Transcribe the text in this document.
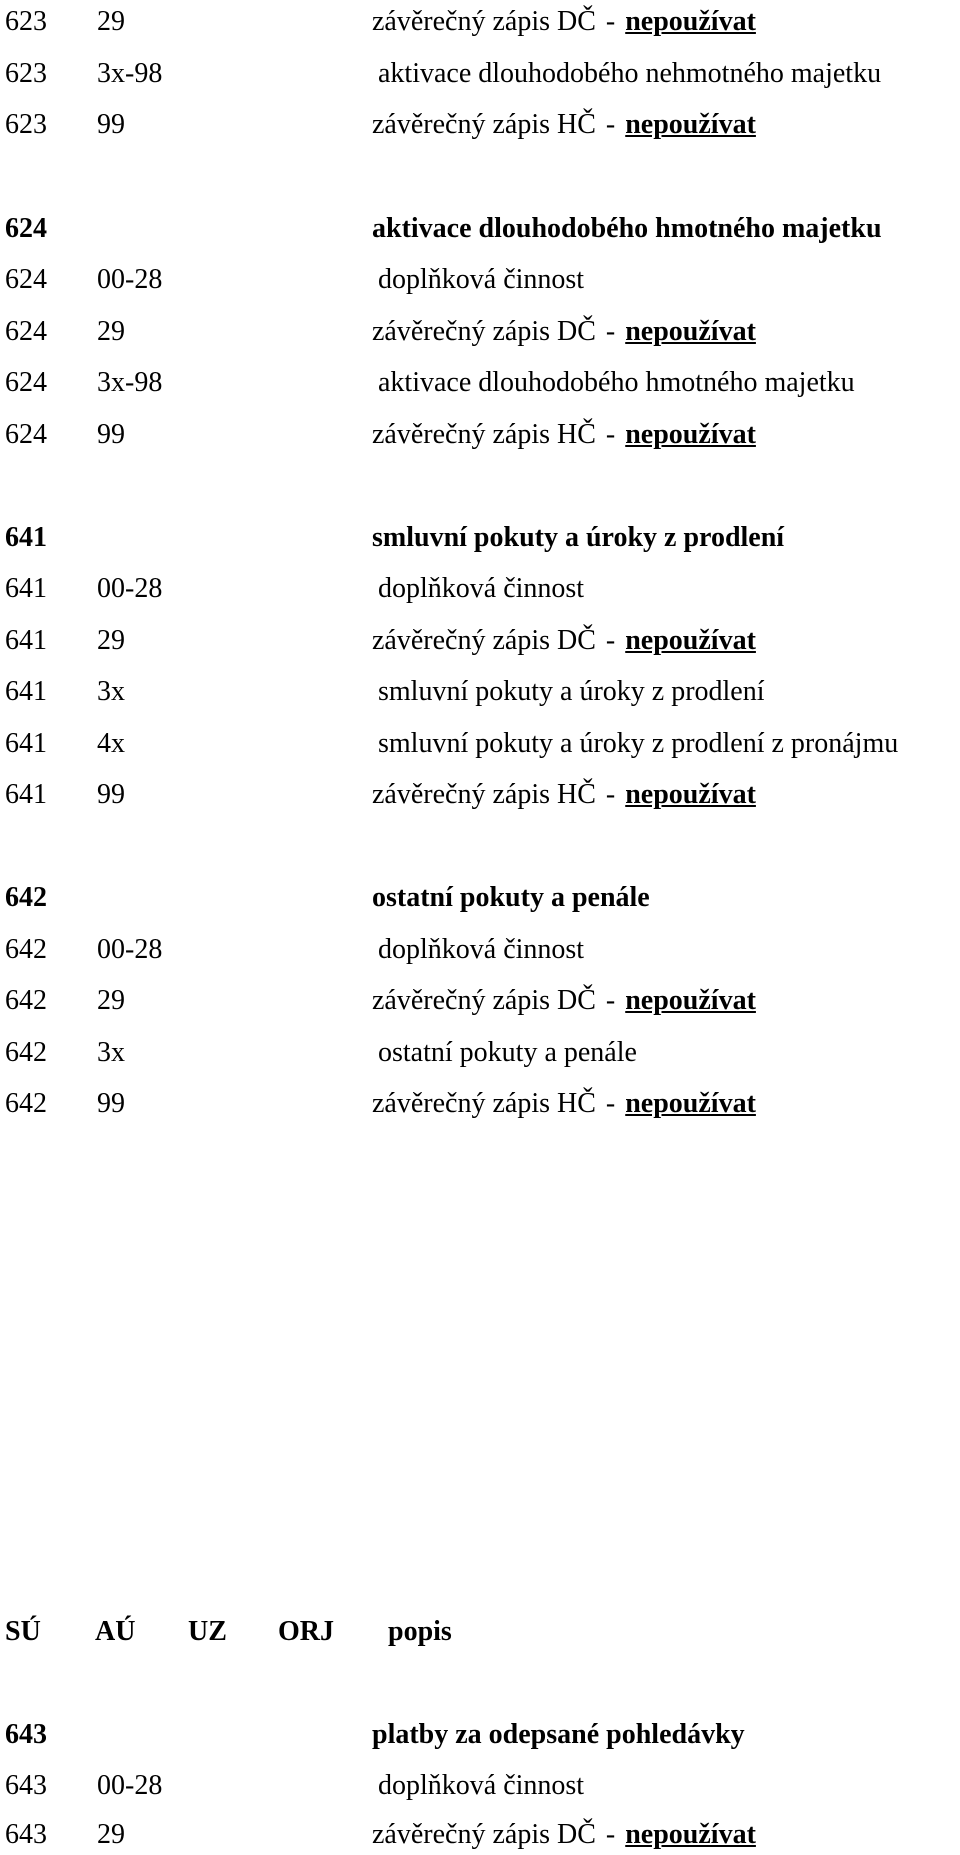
623 29	závěrečný zápis DČ - nepoužívat
623 3x-98	aktivace dlouhodobého nehmotného majetku
623 99	závěrečný zápis HČ - nepoužívat
624	aktivace dlouhodobého hmotného majetku
624 00-28	doplňková činnost
624 29	závěrečný zápis DČ - nepoužívat
624 3x-98	aktivace dlouhodobého hmotného majetku
624 99	závěrečný zápis HČ - nepoužívat
641	smluvní pokuty a úroky z prodlení
641 00-28	doplňková činnost
641 29	závěrečný zápis DČ - nepoužívat
641 3x	smluvní pokuty a úroky z prodlení
641 4x	smluvní pokuty a úroky z prodlení z pronájmu
641 99	závěrečný zápis HČ - nepoužívat
642	ostatní pokuty a penále
642 00-28	doplňková činnost
642 29	závěrečný zápis DČ - nepoužívat
642 3x	ostatní pokuty a penále
642 99	závěrečný zápis HČ - nepoužívat
SÚ AÚ UZ ORJ popis
643	platby za odepsané pohledávky
643 00-28	doplňková činnost
643 29	závěrečný zápis DČ - nepoužívat
